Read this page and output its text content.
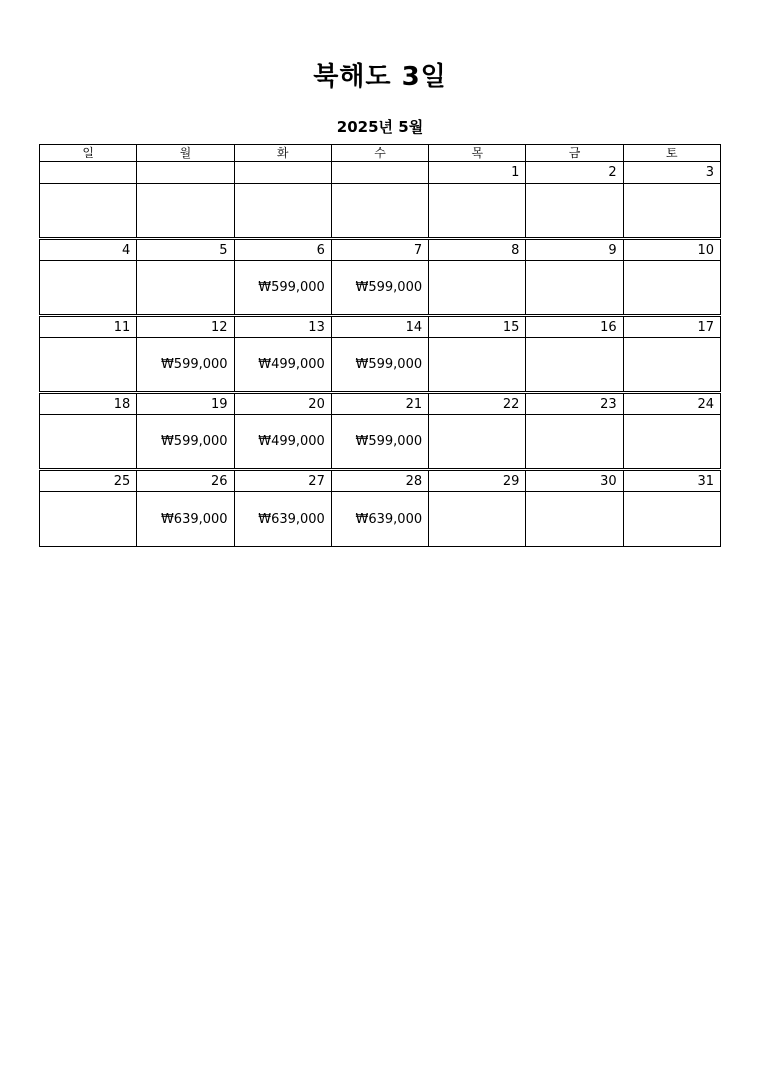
북해도 3일
2025년 5월
일	월	화	수	목	금	토
				1	2	3

4	5	6	7	8	9	10
		₩599,000	₩599,000			
11	12	13	14	15	16	17
	₩599,000	₩499,000	₩599,000			
18	19	20	21	22	23	24
	₩599,000	₩499,000	₩599,000			
25	26	27	28	29	30	31
	₩639,000	₩639,000	₩639,000			
